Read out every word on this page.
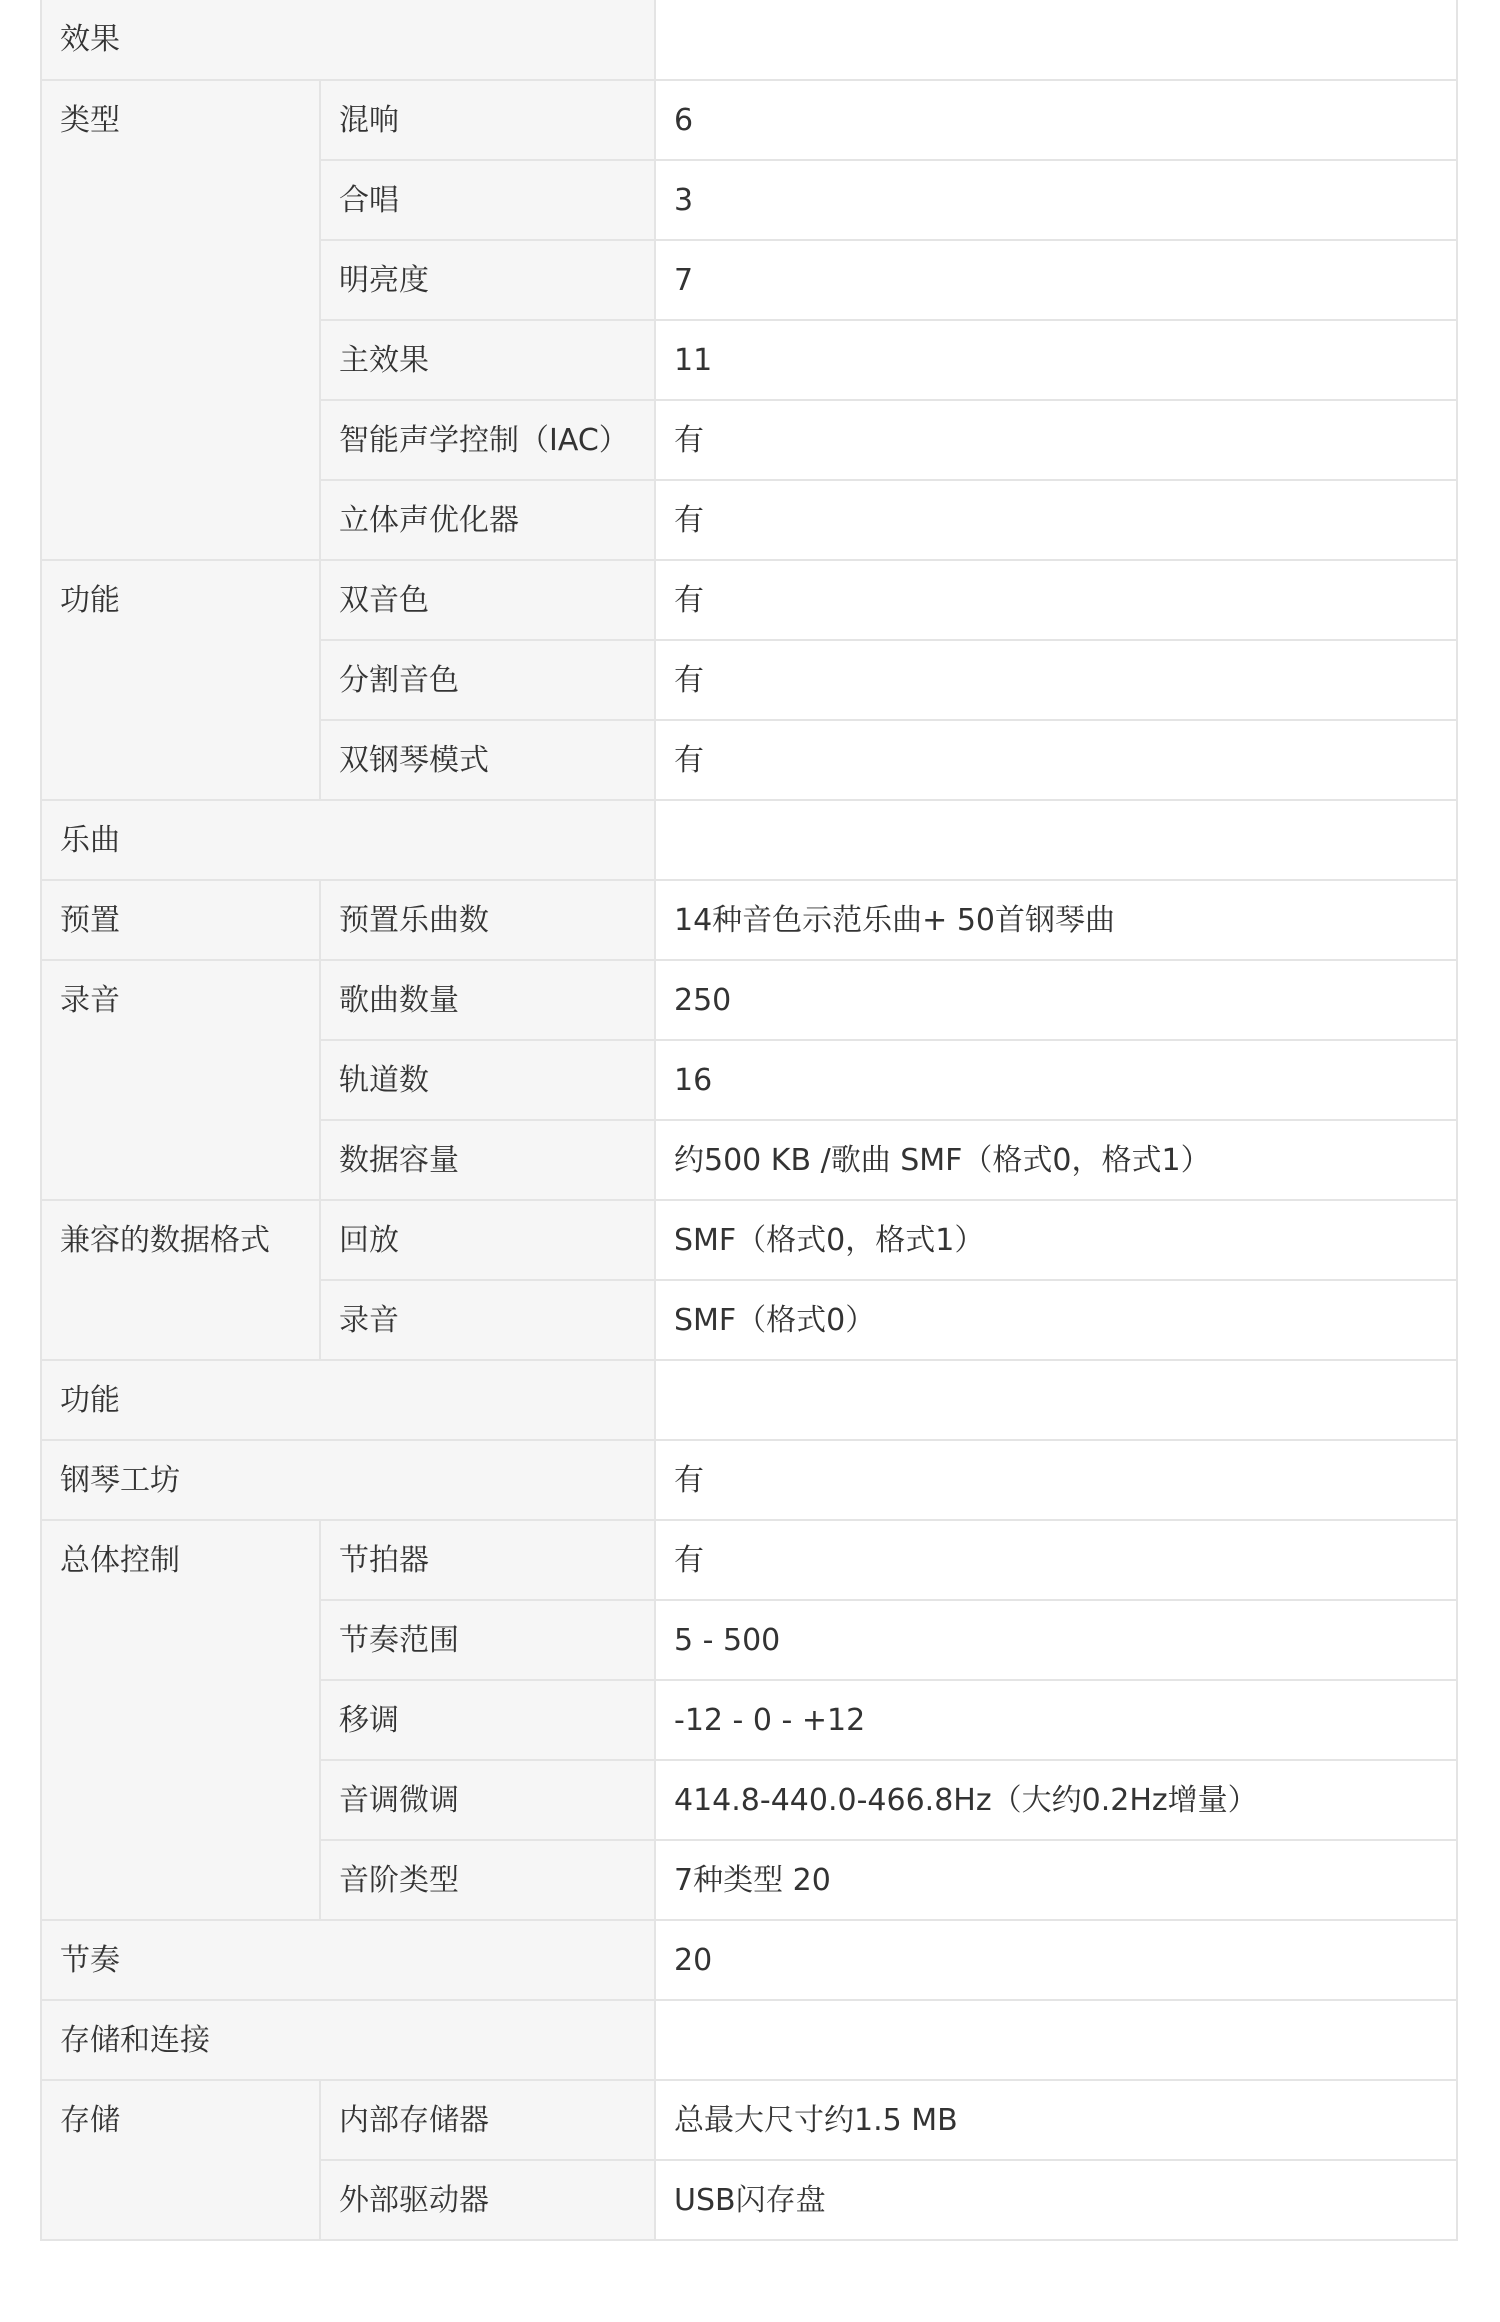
效果		
类型	混响	6
	合唱	3
	明亮度	7
	主效果	11
	智能声学控制（IAC）	有
	立体声优化器	有
功能	双音色	有
	分割音色	有
	双钢琴模式	有
乐曲		
预置	预置乐曲数	14种音色示范乐曲+ 50首钢琴曲
录音	歌曲数量	250
	轨道数	16
	数据容量	约500 KB /歌曲 SMF（格式0，格式1）
兼容的数据格式	回放	SMF（格式0，格式1）
	录音	SMF（格式0）
功能		
钢琴工坊		有
总体控制	节拍器	有
	节奏范围	5 - 500
	移调	-12 - 0 - +12
	音调微调	414.8-440.0-466.8Hz（大约0.2Hz增量）
	音阶类型	7种类型 20
节奏		20
存储和连接		
存储	内部存储器	总最大尺寸约1.5 MB
	外部驱动器	USB闪存盘
